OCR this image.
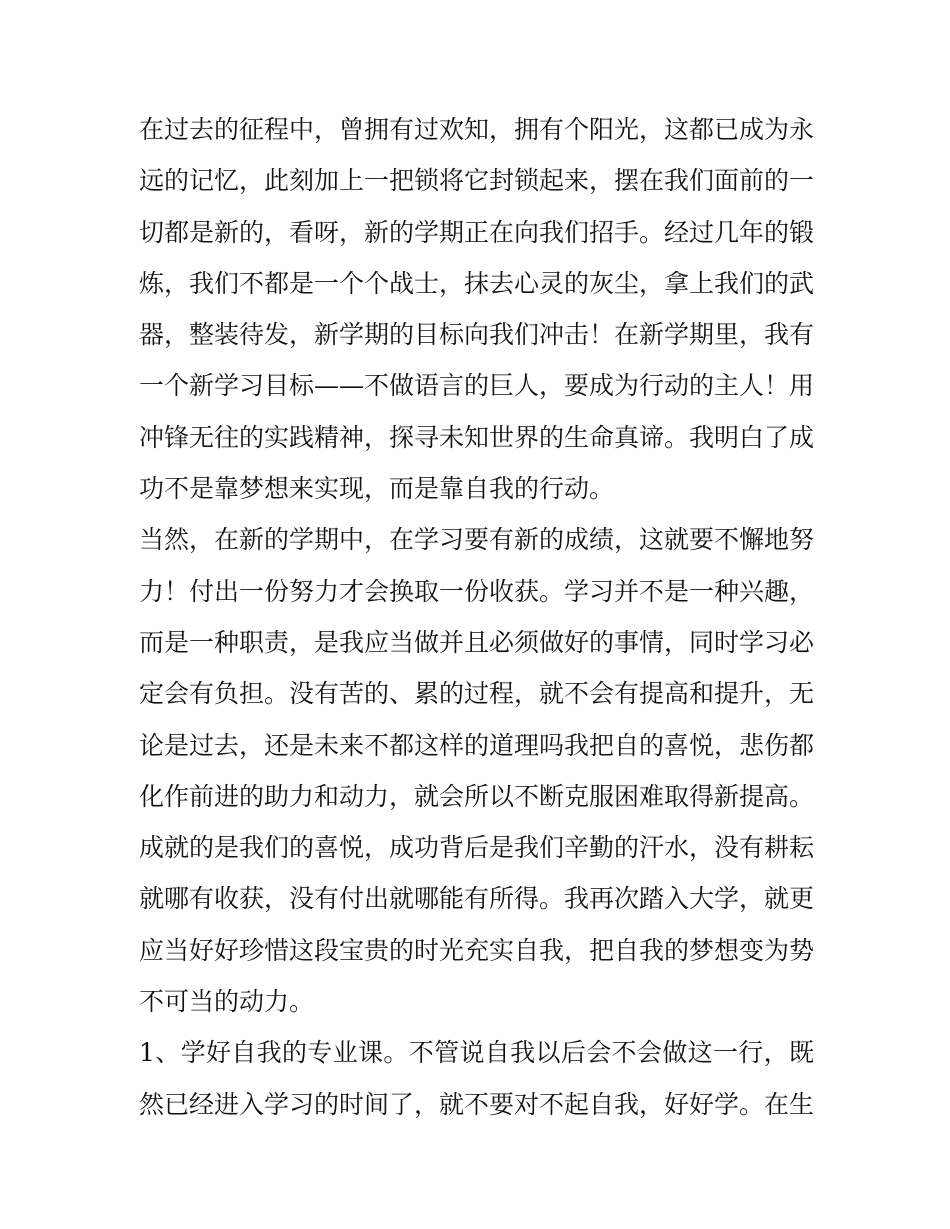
在过去的征程中，曾拥有过欢知，拥有个阳光，这都已成为永
远的记忆，此刻加上一把锁将它封锁起来，摆在我们面前的一
切都是新的，看呀，新的学期正在向我们招手。经过几年的锻
炼，我们不都是一个个战士，抹去心灵的灰尘，拿上我们的武
器，整装待发，新学期的目标向我们冲击！在新学期里，我有
一个新学习目标——不做语言的巨人，要成为行动的主人！用
冲锋无往的实践精神，探寻未知世界的生命真谛。我明白了成
功不是靠梦想来实现，而是靠自我的行动。
当然，在新的学期中，在学习要有新的成绩，这就要不懈地努
力！付出一份努力才会换取一份收获。学习并不是一种兴趣，
而是一种职责，是我应当做并且必须做好的事情，同时学习必
定会有负担。没有苦的、累的过程，就不会有提高和提升，无
论是过去，还是未来不都这样的道理吗我把自的喜悦，悲伤都
化作前进的助力和动力，就会所以不断克服困难取得新提高。
成就的是我们的喜悦，成功背后是我们辛勤的汗水，没有耕耘
就哪有收获，没有付出就哪能有所得。我再次踏入大学，就更
应当好好珍惜这段宝贵的时光充实自我，把自我的梦想变为势
不可当的动力。
1、学好自我的专业课。不管说自我以后会不会做这一行，既
然已经进入学习的时间了，就不要对不起自我，好好学。在生
